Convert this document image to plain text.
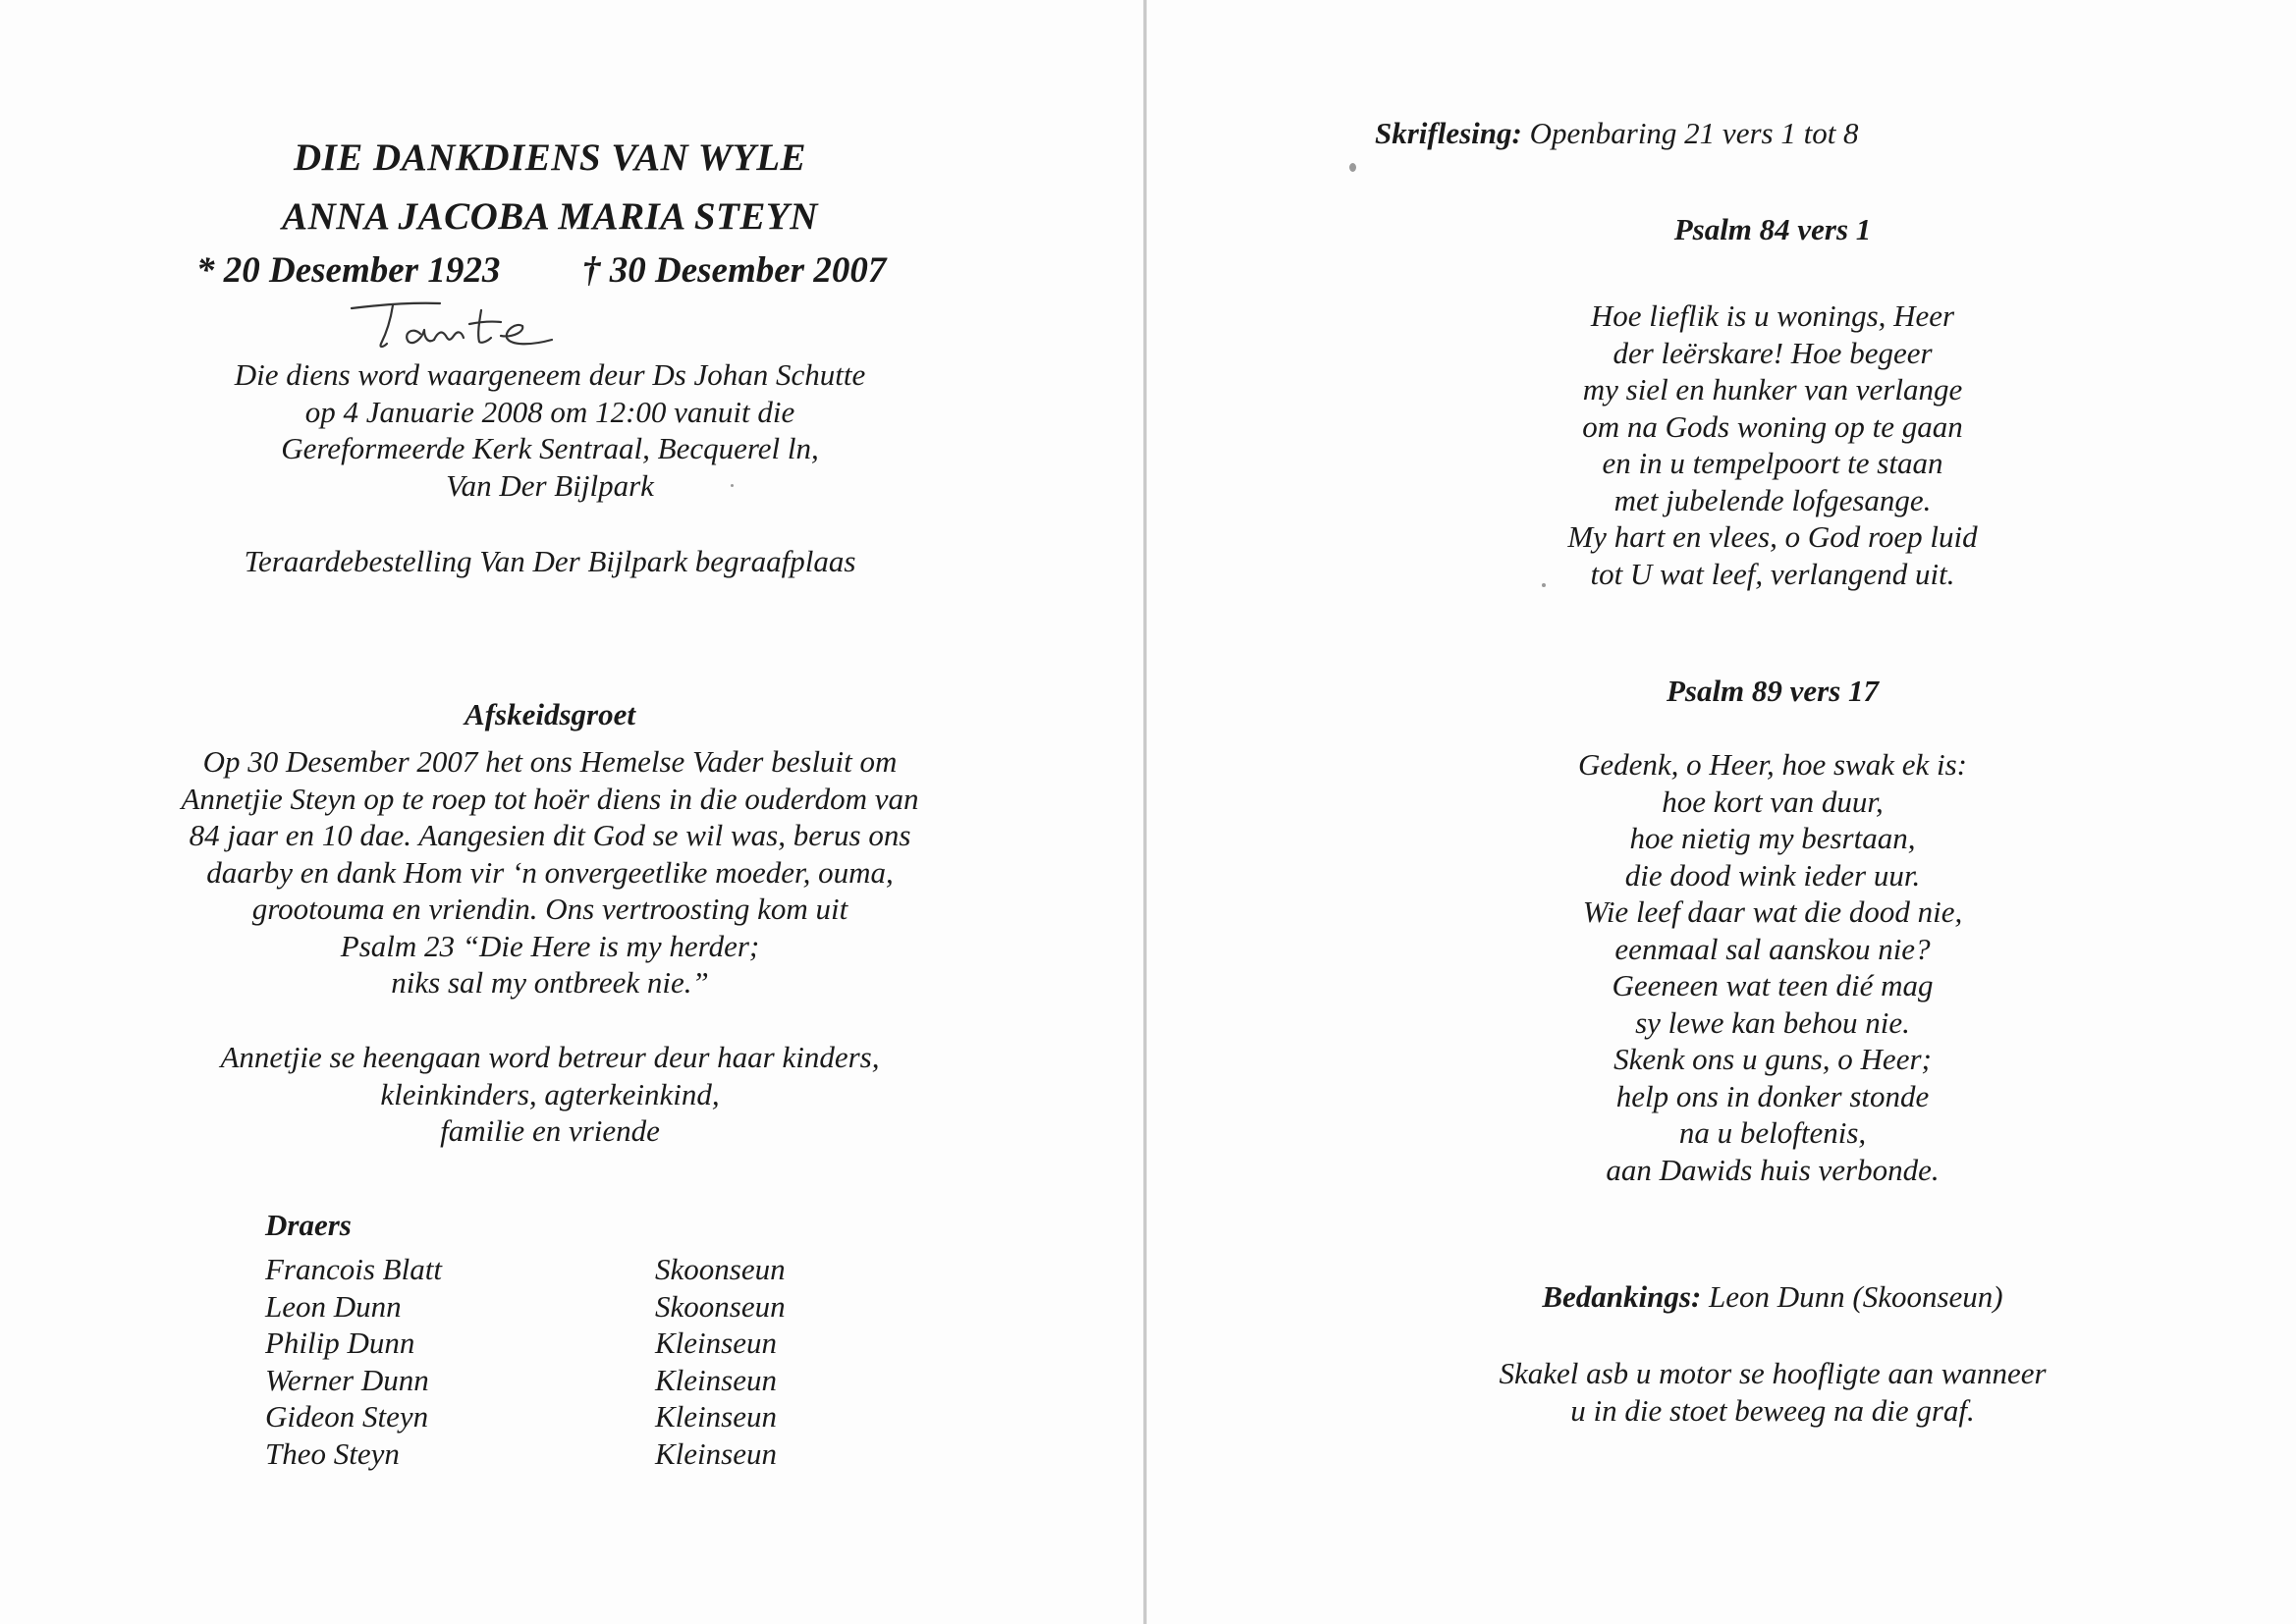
DIE DANKDIENS VAN WYLE
ANNA JACOBA MARIA STEYN
* 20 Desember 1923 † 30 Desember 2007
Die diens word waargeneem deur Ds Johan Schutte
op 4 Januarie 2008 om 12:00 vanuit die
Gereformeerde Kerk Sentraal, Becquerel ln,
Van Der Bijlpark
Teraardebestelling Van Der Bijlpark begraafplaas
Afskeidsgroet
Op 30 Desember 2007 het ons Hemelse Vader besluit om
Annetjie Steyn op te roep tot hoër diens in die ouderdom van
84 jaar en 10 dae. Aangesien dit God se wil was, berus ons
daarby en dank Hom vir ‘n onvergeetlike moeder, ouma,
grootouma en vriendin. Ons vertroosting kom uit
Psalm 23 “Die Here is my herder;
niks sal my ontbreek nie.”
Annetjie se heengaan word betreur deur haar kinders,
kleinkinders, agterkeinkind,
familie en vriende
Draers
Francois Blatt	Skoonseun
Leon Dunn	Skoonseun
Philip Dunn	Kleinseun
Werner Dunn	Kleinseun
Gideon Steyn	Kleinseun
Theo Steyn	Kleinseun
Skriflesing: Openbaring 21 vers 1 tot 8
Psalm 84 vers 1
Hoe lieflik is u wonings, Heer
der leërskare! Hoe begeer
my siel en hunker van verlange
om na Gods woning op te gaan
en in u tempelpoort te staan
met jubelende lofgesange.
My hart en vlees, o God roep luid
tot U wat leef, verlangend uit.
Psalm 89 vers 17
Gedenk, o Heer, hoe swak ek is:
hoe kort van duur,
hoe nietig my besrtaan,
die dood wink ieder uur.
Wie leef daar wat die dood nie,
eenmaal sal aanskou nie?
Geeneen wat teen dié mag
sy lewe kan behou nie.
Skenk ons u guns, o Heer;
help ons in donker stonde
na u beloftenis,
aan Dawids huis verbonde.
Bedankings: Leon Dunn (Skoonseun)
Skakel asb u motor se hoofligte aan wanneer
u in die stoet beweeg na die graf.
